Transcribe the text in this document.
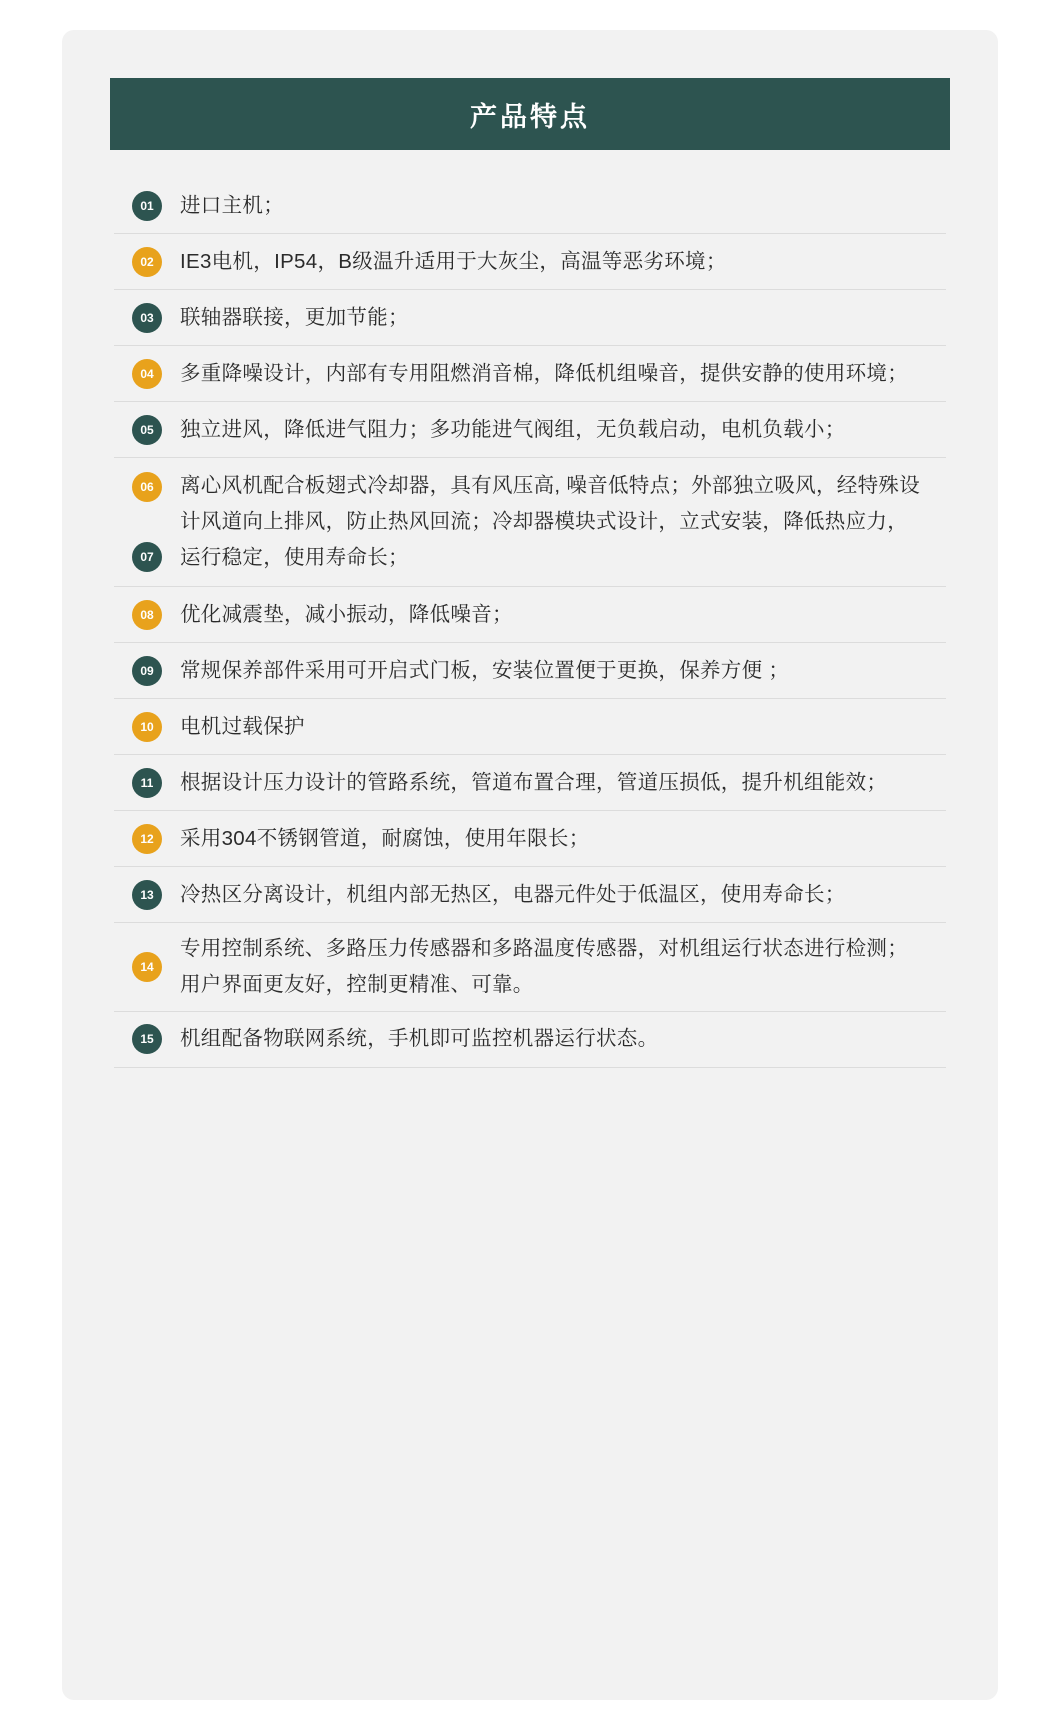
产品特点
01	进口主机；
02	IE3电机，IP54，B级温升适用于大灰尘，高温等恶劣环境；
03	联轴器联接，更加节能；
04	多重降噪设计，内部有专用阻燃消音棉，降低机组噪音，提供安静的使用环境；
05	独立进风，降低进气阻力；多功能进气阀组，无负载启动，电机负载小；
06
07
离心风机配合板翅式冷却器，具有风压高, 噪音低特点；外部独立吸风，经特殊设计风道向上排风，防止热风回流；冷却器模块式设计，立式安装，降低热应力，运行稳定，使用寿命长；
08	优化减震垫，减小振动，降低噪音；
09	常规保养部件采用可开启式门板，安装位置便于更换，保养方便 ；
10	电机过载保护
11	根据设计压力设计的管路系统，管道布置合理，管道压损低，提升机组能效；
12	采用304不锈钢管道，耐腐蚀，使用年限长；
13	冷热区分离设计，机组内部无热区，电器元件处于低温区，使用寿命长；
14
专用控制系统、多路压力传感器和多路温度传感器，对机组运行状态进行检测；用户界面更友好，控制更精准、可靠。
15	机组配备物联网系统，手机即可监控机器运行状态。
